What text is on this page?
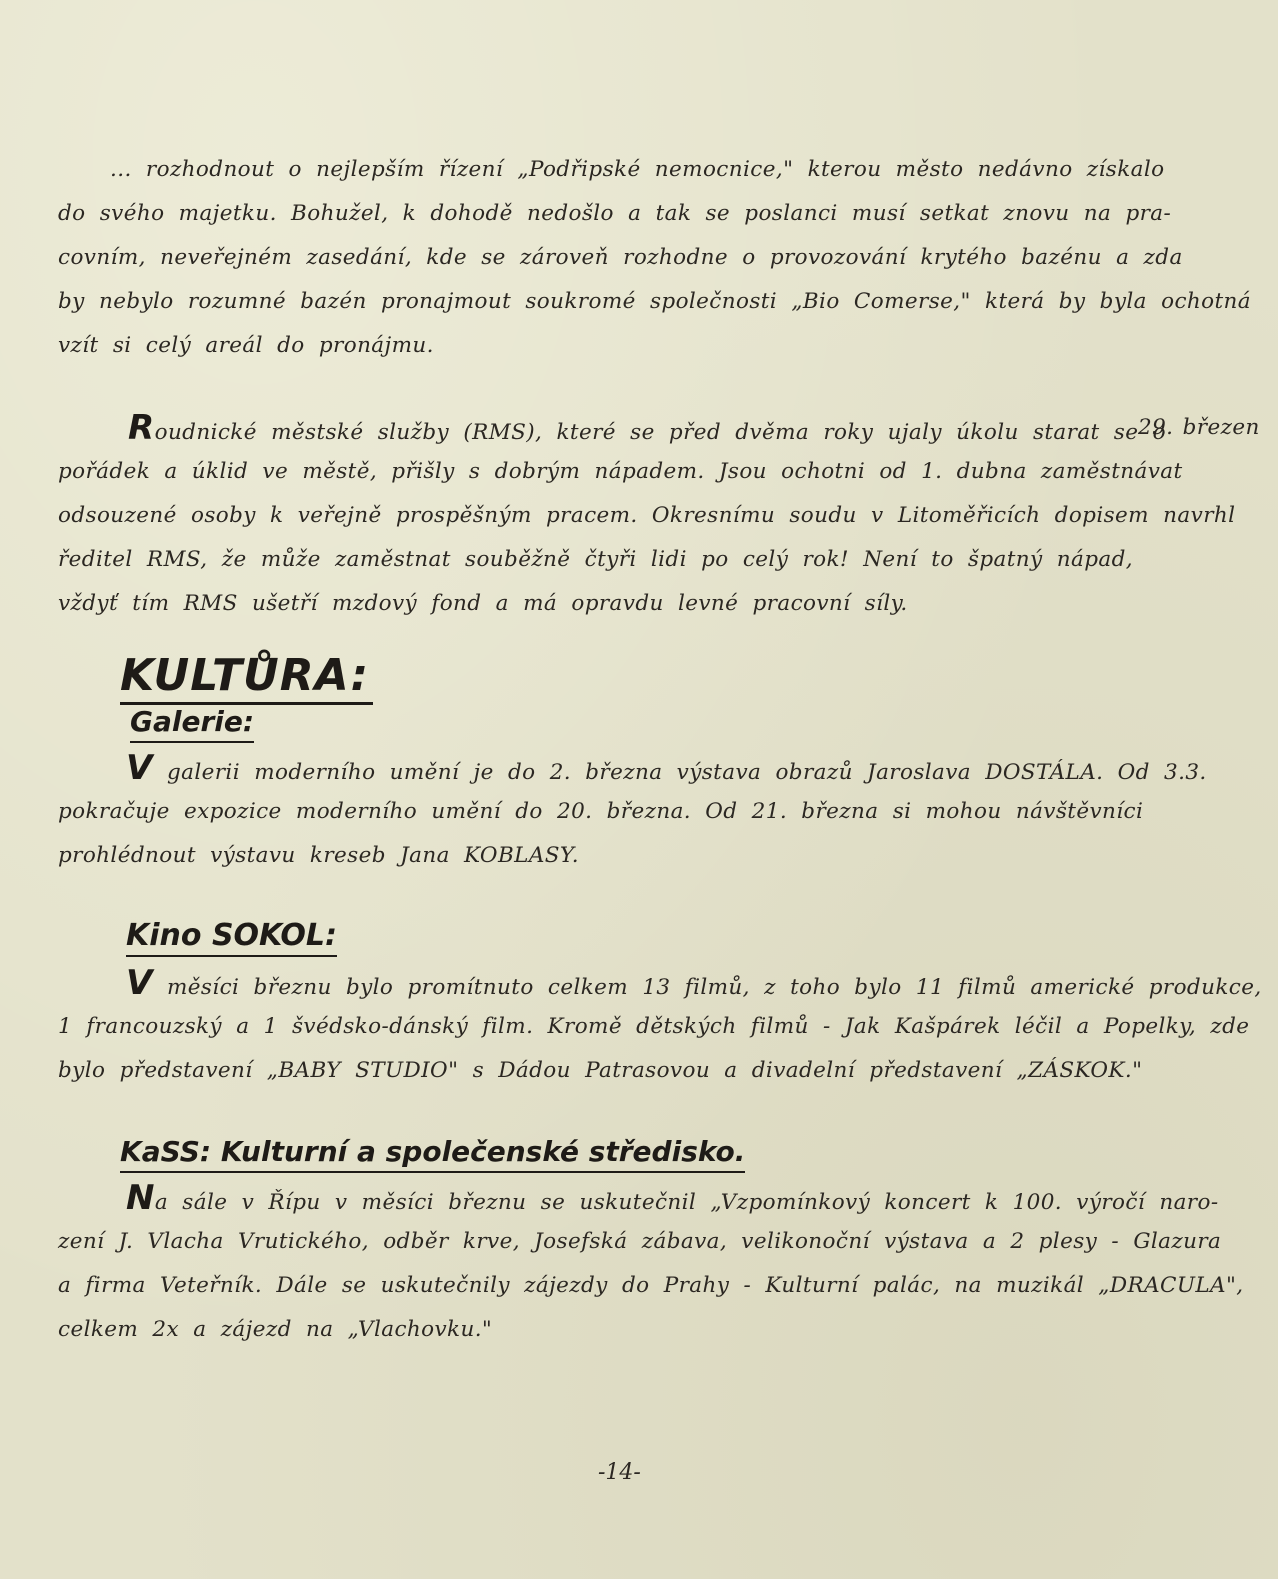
... rozhodnout o nejlepším řízení „Podřipské nemocnice," kterou město nedávno získalo
do svého majetku. Bohužel, k dohodě nedošlo a tak se poslanci musí setkat znovu na pra-
covním, neveřejném zasedání, kde se zároveň rozhodne o provozování krytého bazénu a zda
by nebylo rozumné bazén pronajmout soukromé společnosti „Bio Comerse," která by byla ochotná
vzít si celý areál do pronájmu.
Roudnické městské služby (RMS), které se před dvěma roky ujaly úkolu starat se o
pořádek a úklid ve městě, přišly s dobrým nápadem. Jsou ochotni od 1. dubna zaměstnávat
odsouzené osoby k veřejně prospěšným pracem. Okresnímu soudu v Litoměřicích dopisem navrhl
ředitel RMS, že může zaměstnat souběžně čtyři lidi po celý rok! Není to špatný nápad,
vždyť tím RMS ušetří mzdový fond a má opravdu levné pracovní síly.
29. březen
KULTŮRA:
Galerie:
V galerii moderního umění je do 2. března výstava obrazů Jaroslava DOSTÁLA. Od 3.3.
pokračuje expozice moderního umění do 20. března. Od 21. března si mohou návštěvníci
prohlédnout výstavu kreseb Jana KOBLASY.
Kino SOKOL:
V měsíci březnu bylo promítnuto celkem 13 filmů, z toho bylo 11 filmů americké produkce,
1 francouzský a 1 švédsko-dánský film. Kromě dětských filmů - Jak Kašpárek léčil a Popelky, zde
bylo představení „BABY STUDIO" s Dádou Patrasovou a divadelní představení „ZÁSKOK."
KaSS: Kulturní a společenské středisko.
Na sále v Řípu v měsíci březnu se uskutečnil „Vzpomínkový koncert k 100. výročí naro-
zení J. Vlacha Vrutického, odběr krve, Josefská zábava, velikonoční výstava a 2 plesy - Glazura
a firma Veteřník. Dále se uskutečnily zájezdy do Prahy - Kulturní palác, na muzikál „DRACULA",
celkem 2x a zájezd na „Vlachovku."
-14-
